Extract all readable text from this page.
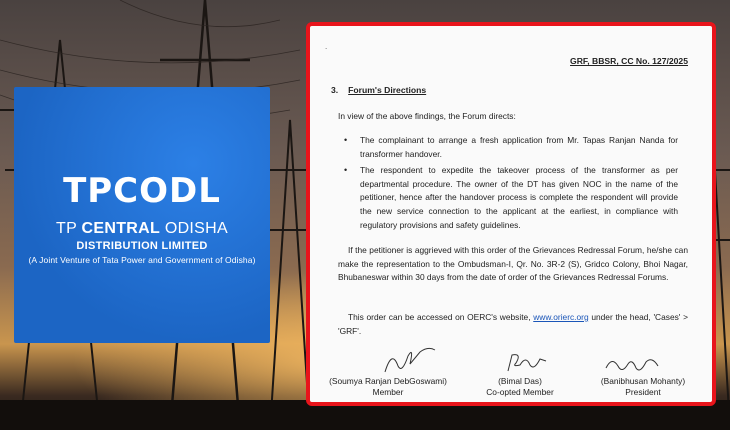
TPCODL
TP CENTRAL ODISHA
DISTRIBUTION LIMITED
(A Joint Venture of Tata Power and Government of Odisha)
.
GRF, BBSR, CC No. 127/2025
3. Forum's Directions
In view of the above findings, the Forum directs:
• The complainant to arrange a fresh application from Mr. Tapas Ranjan Nanda for transformer handover.
• The respondent to expedite the takeover process of the transformer as per departmental procedure. The owner of the DT has given NOC in the name of the petitioner, hence after the handover process is complete the respondent will provide the new service connection to the applicant at the earliest, in compliance with regulatory provisions and safety guidelines.
If the petitioner is aggrieved with this order of the Grievances Redressal Forum, he/she can make the representation to the Ombudsman-I, Qr. No. 3R-2 (S), Gridco Colony, Bhoi Nagar, Bhubaneswar within 30 days from the date of order of the Grievances Redressal Forums.
This order can be accessed on OERC's website, www.orierc.org under the head, 'Cases' > 'GRF'.
(Soumya Ranjan DebGoswami)
Member
(Bimal Das)
Co-opted Member
(Banibhusan Mohanty)
President
